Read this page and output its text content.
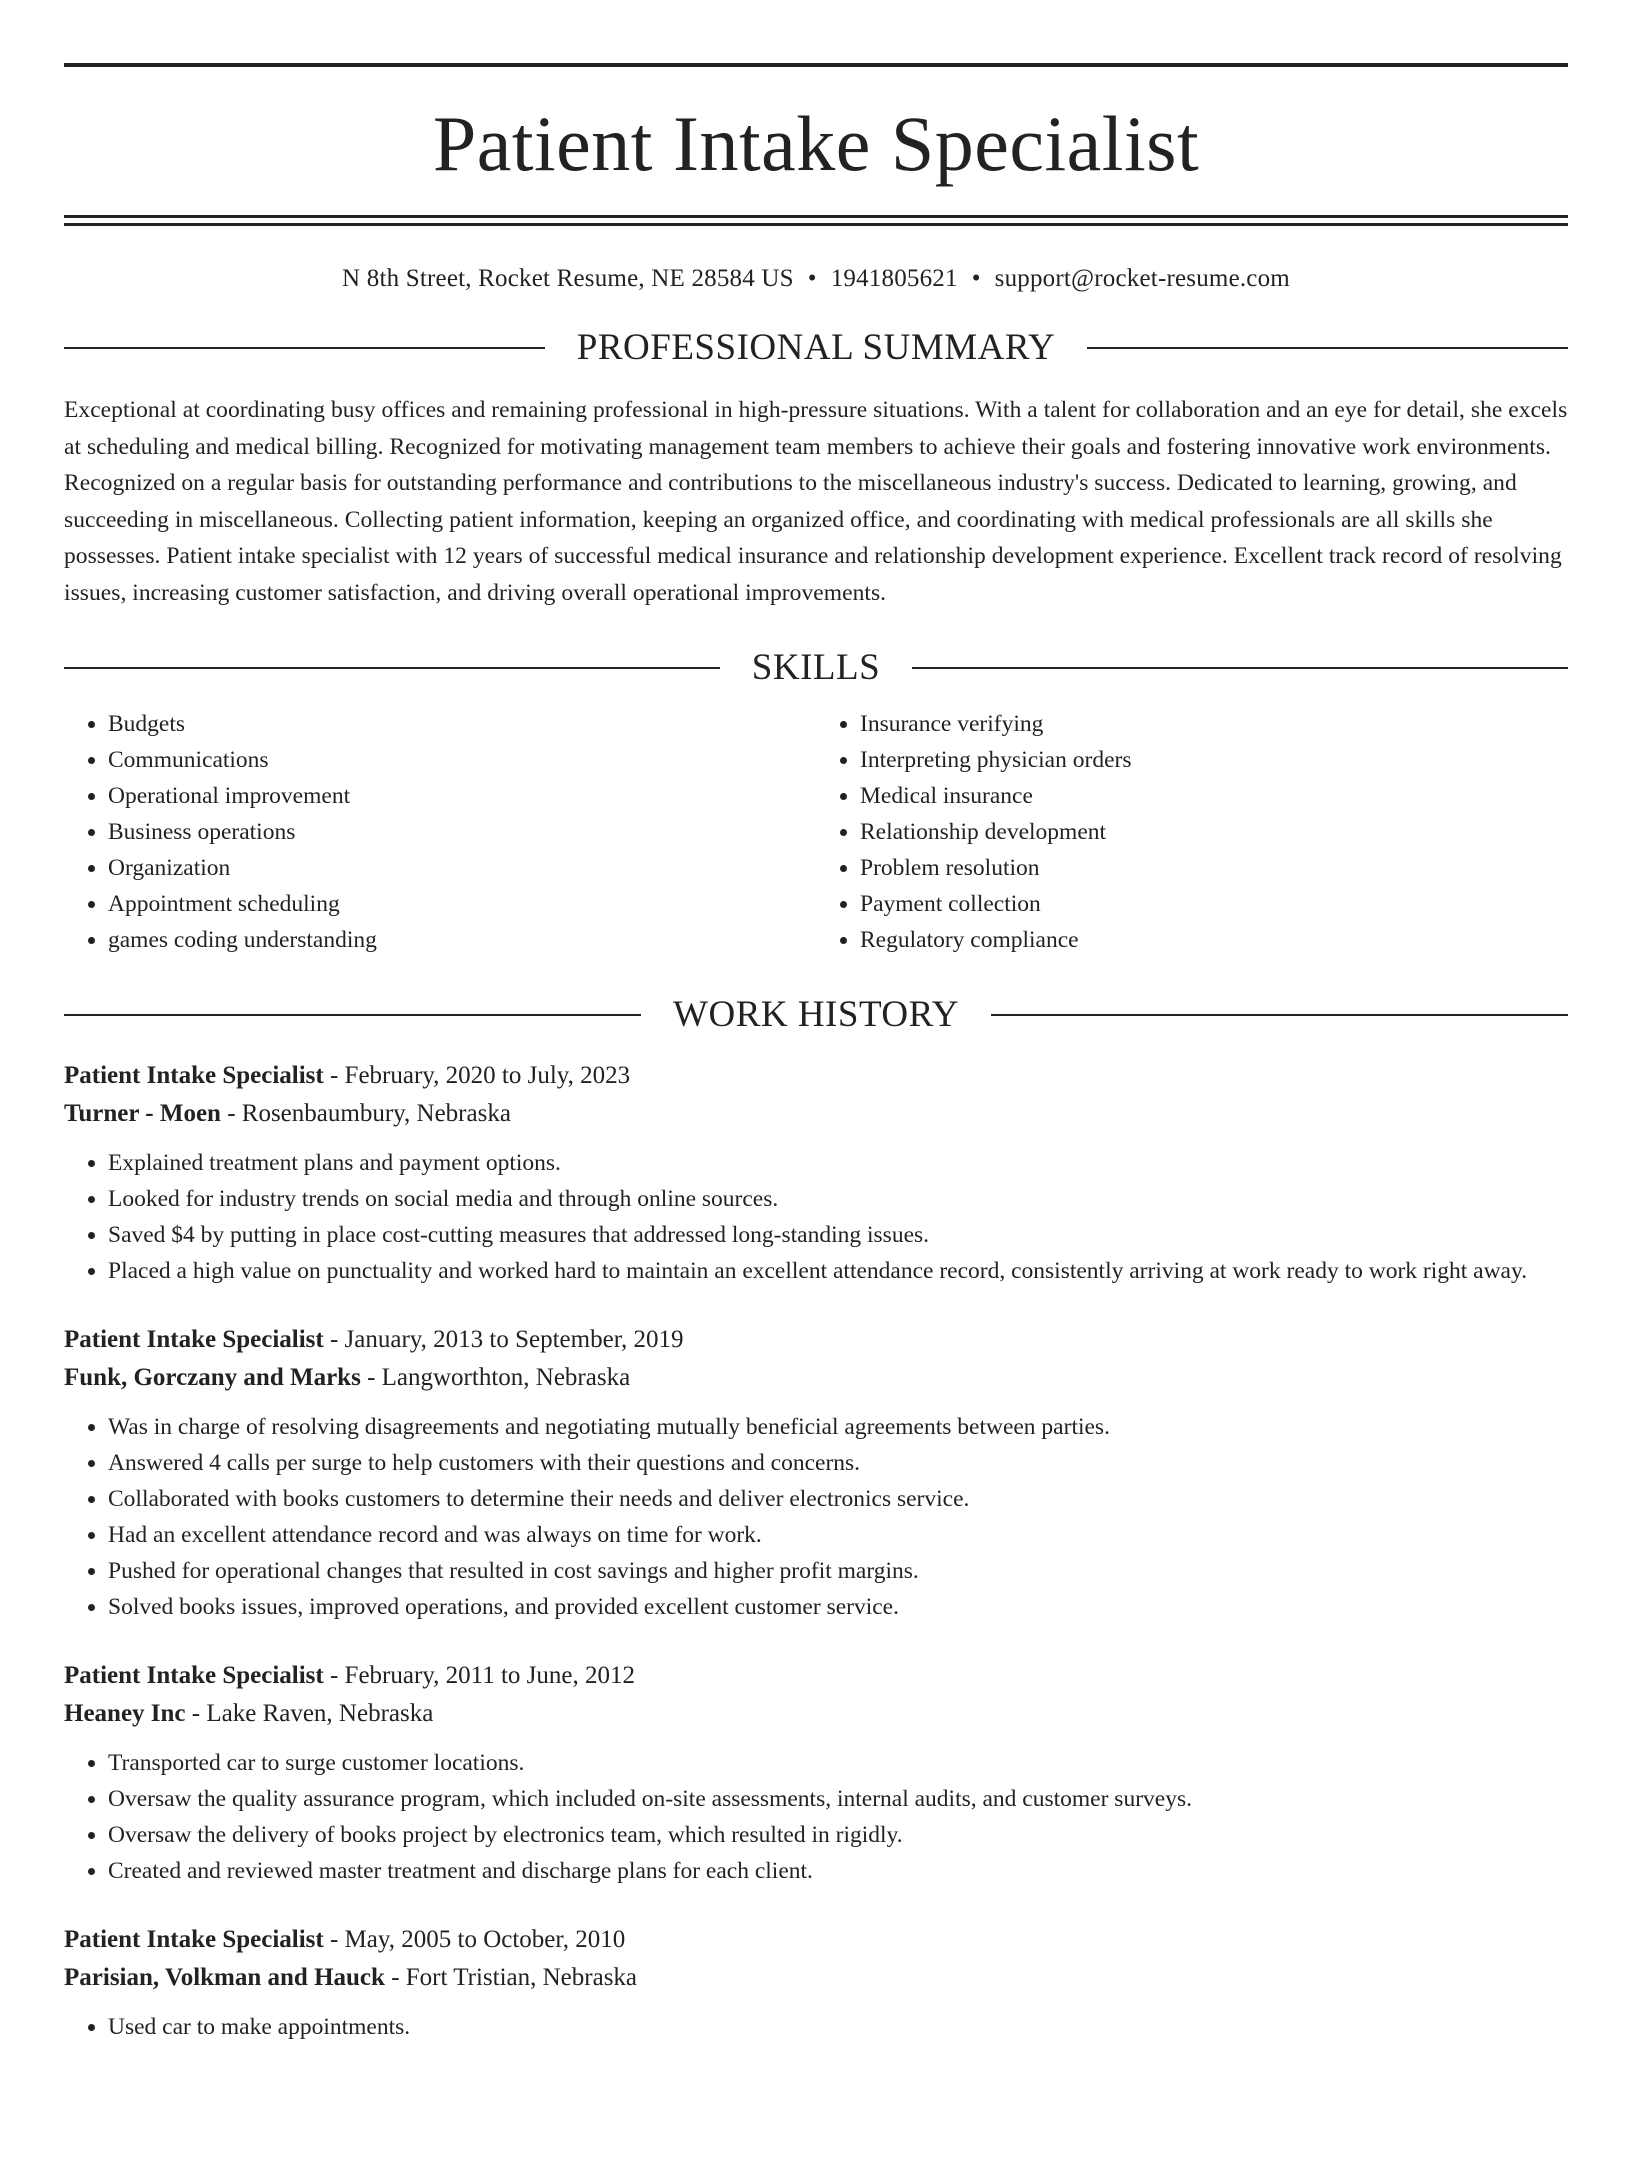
Patient Intake Specialist
N 8th Street, Rocket Resume, NE 28584 US • 1941805621 • support@rocket-resume.com
PROFESSIONAL SUMMARY

Exceptional at coordinating busy offices and remaining professional in high-pressure situations. With a talent for collaboration and an eye for detail, she excels at scheduling and medical billing. Recognized for motivating management team members to achieve their goals and fostering innovative work environments. Recognized on a regular basis for outstanding performance and contributions to the miscellaneous industry's success. Dedicated to learning, growing, and succeeding in miscellaneous. Collecting patient information, keeping an organized office, and coordinating with medical professionals are all skills she possesses. Patient intake specialist with 12 years of successful medical insurance and relationship development experience. Excellent track record of resolving issues, increasing customer satisfaction, and driving overall operational improvements.

SKILLS
• Budgets
• Communications
• Operational improvement
• Business operations
• Organization
• Appointment scheduling
• games coding understanding
• Insurance verifying
• Interpreting physician orders
• Medical insurance
• Relationship development
• Problem resolution
• Payment collection
• Regulatory compliance
WORK HISTORY
Patient Intake Specialist - February, 2020 to July, 2023
Turner - Moen - Rosenbaumbury, Nebraska
• Explained treatment plans and payment options.
• Looked for industry trends on social media and through online sources.
• Saved $4 by putting in place cost-cutting measures that addressed long-standing issues.
• Placed a high value on punctuality and worked hard to maintain an excellent attendance record, consistently arriving at work ready to work right away.
Patient Intake Specialist - January, 2013 to September, 2019
Funk, Gorczany and Marks - Langworthton, Nebraska
• Was in charge of resolving disagreements and negotiating mutually beneficial agreements between parties.
• Answered 4 calls per surge to help customers with their questions and concerns.
• Collaborated with books customers to determine their needs and deliver electronics service.
• Had an excellent attendance record and was always on time for work.
• Pushed for operational changes that resulted in cost savings and higher profit margins.
• Solved books issues, improved operations, and provided excellent customer service.
Patient Intake Specialist - February, 2011 to June, 2012
Heaney Inc - Lake Raven, Nebraska
• Transported car to surge customer locations.
• Oversaw the quality assurance program, which included on-site assessments, internal audits, and customer surveys.
• Oversaw the delivery of books project by electronics team, which resulted in rigidly.
• Created and reviewed master treatment and discharge plans for each client.
Patient Intake Specialist - May, 2005 to October, 2010
Parisian, Volkman and Hauck - Fort Tristian, Nebraska
• Used car to make appointments.
